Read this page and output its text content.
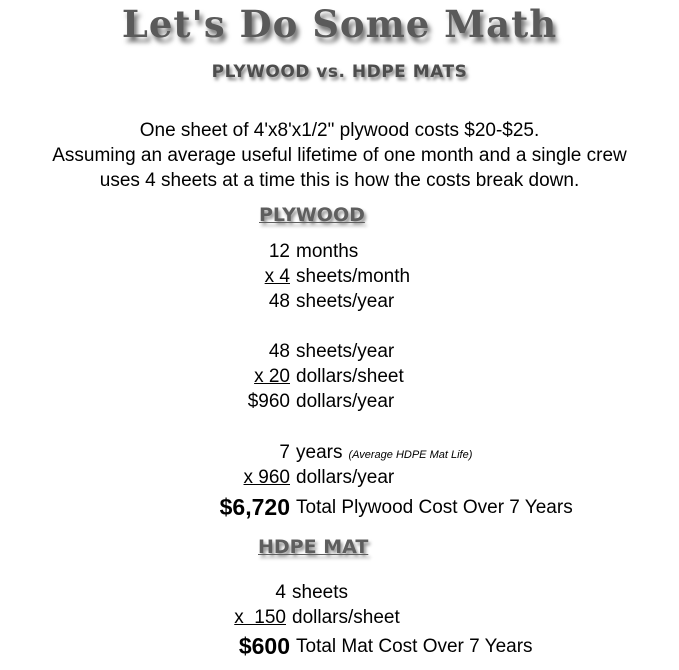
Let's Do Some Math
PLYWOOD vs. HDPE MATS
One sheet of 4'x8'x1/2" plywood costs $20-$25.
Assuming an average useful lifetime of one month and a single crew
uses 4 sheets at a time this is how the costs break down.
PLYWOOD
12 months
x 4 sheets/month
48 sheets/year
48 sheets/year
x 20 dollars/sheet
$960 dollars/year
7 years (Average HDPE Mat Life)
x 960 dollars/year
$6,720 Total Plywood Cost Over 7 Years
HDPE MAT
4 sheets
x  150 dollars/sheet
$600 Total Mat Cost Over 7 Years
